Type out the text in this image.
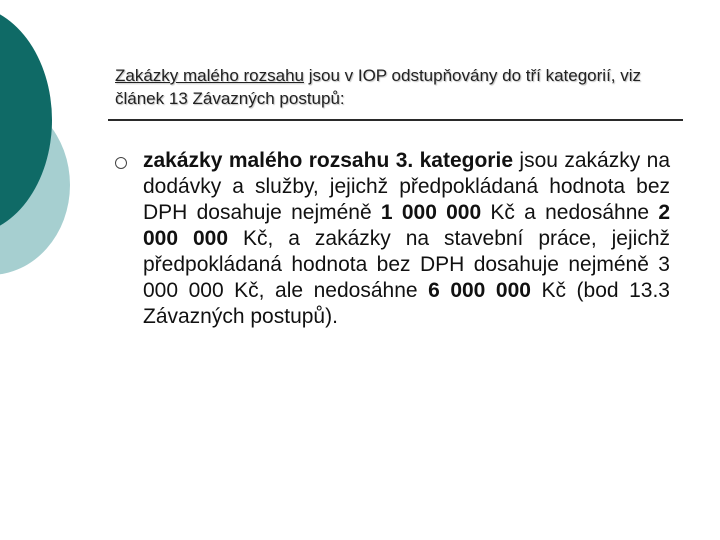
Zakázky malého rozsahu jsou v IOP odstupňovány do tří kategorií, viz článek 13 Závazných postupů:
zakázky malého rozsahu 3. kategorie jsou zakázky na dodávky a služby, jejichž předpokládaná hodnota bez DPH dosahuje nejméně 1 000 000 Kč a nedosáhne 2 000 000 Kč, a zakázky na stavební práce, jejichž předpokládaná hodnota bez DPH dosahuje nejméně 3 000 000 Kč, ale nedosáhne 6 000 000 Kč (bod 13.3 Závazných postupů).
